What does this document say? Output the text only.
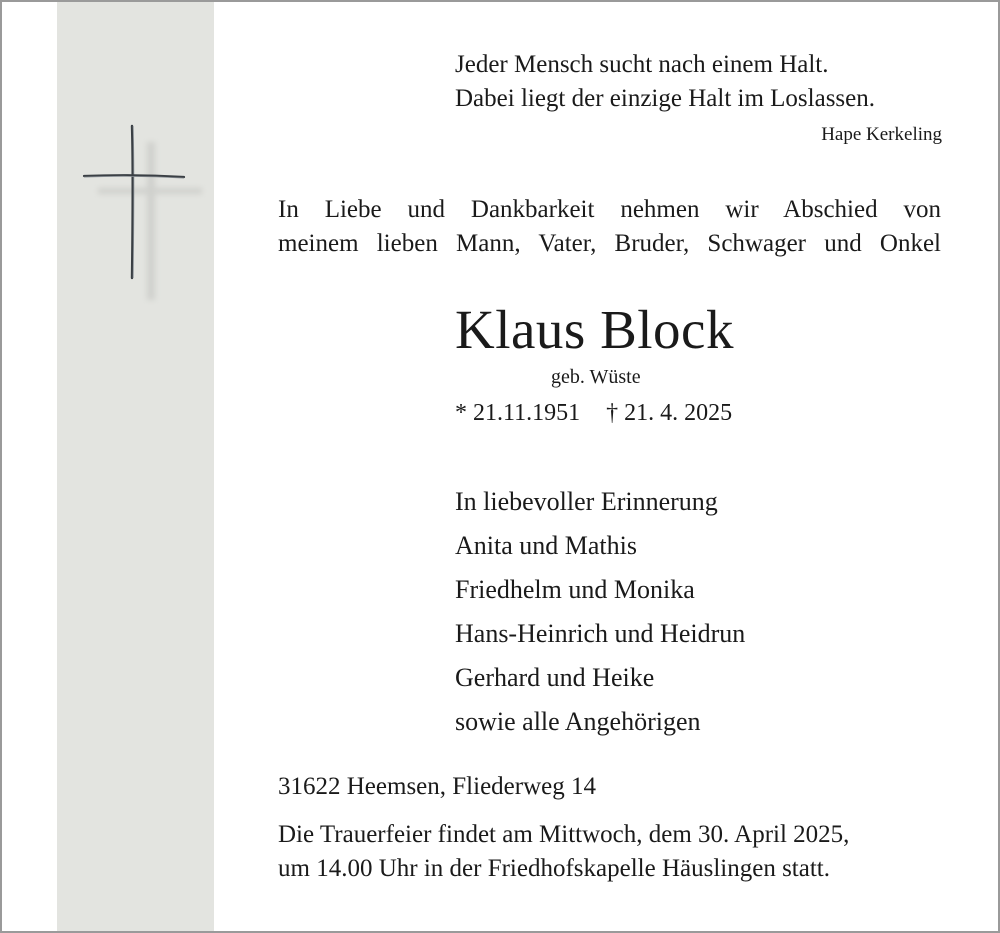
Jeder Mensch sucht nach einem Halt.
Dabei liegt der einzige Halt im Loslassen.
Hape Kerkeling
In Liebe und Dankbarkeit nehmen wir Abschied von
meinem lieben Mann, Vater, Bruder, Schwager und Onkel
Klaus Block
geb. Wüste
* 21.11.1951 † 21. 4. 2025
In liebevoller Erinnerung
Anita und Mathis
Friedhelm und Monika
Hans-Heinrich und Heidrun
Gerhard und Heike
sowie alle Angehörigen
31622 Heemsen, Fliederweg 14
Die Trauerfeier findet am Mittwoch, dem 30. April 2025,
um 14.00 Uhr in der Friedhofskapelle Häuslingen statt.
